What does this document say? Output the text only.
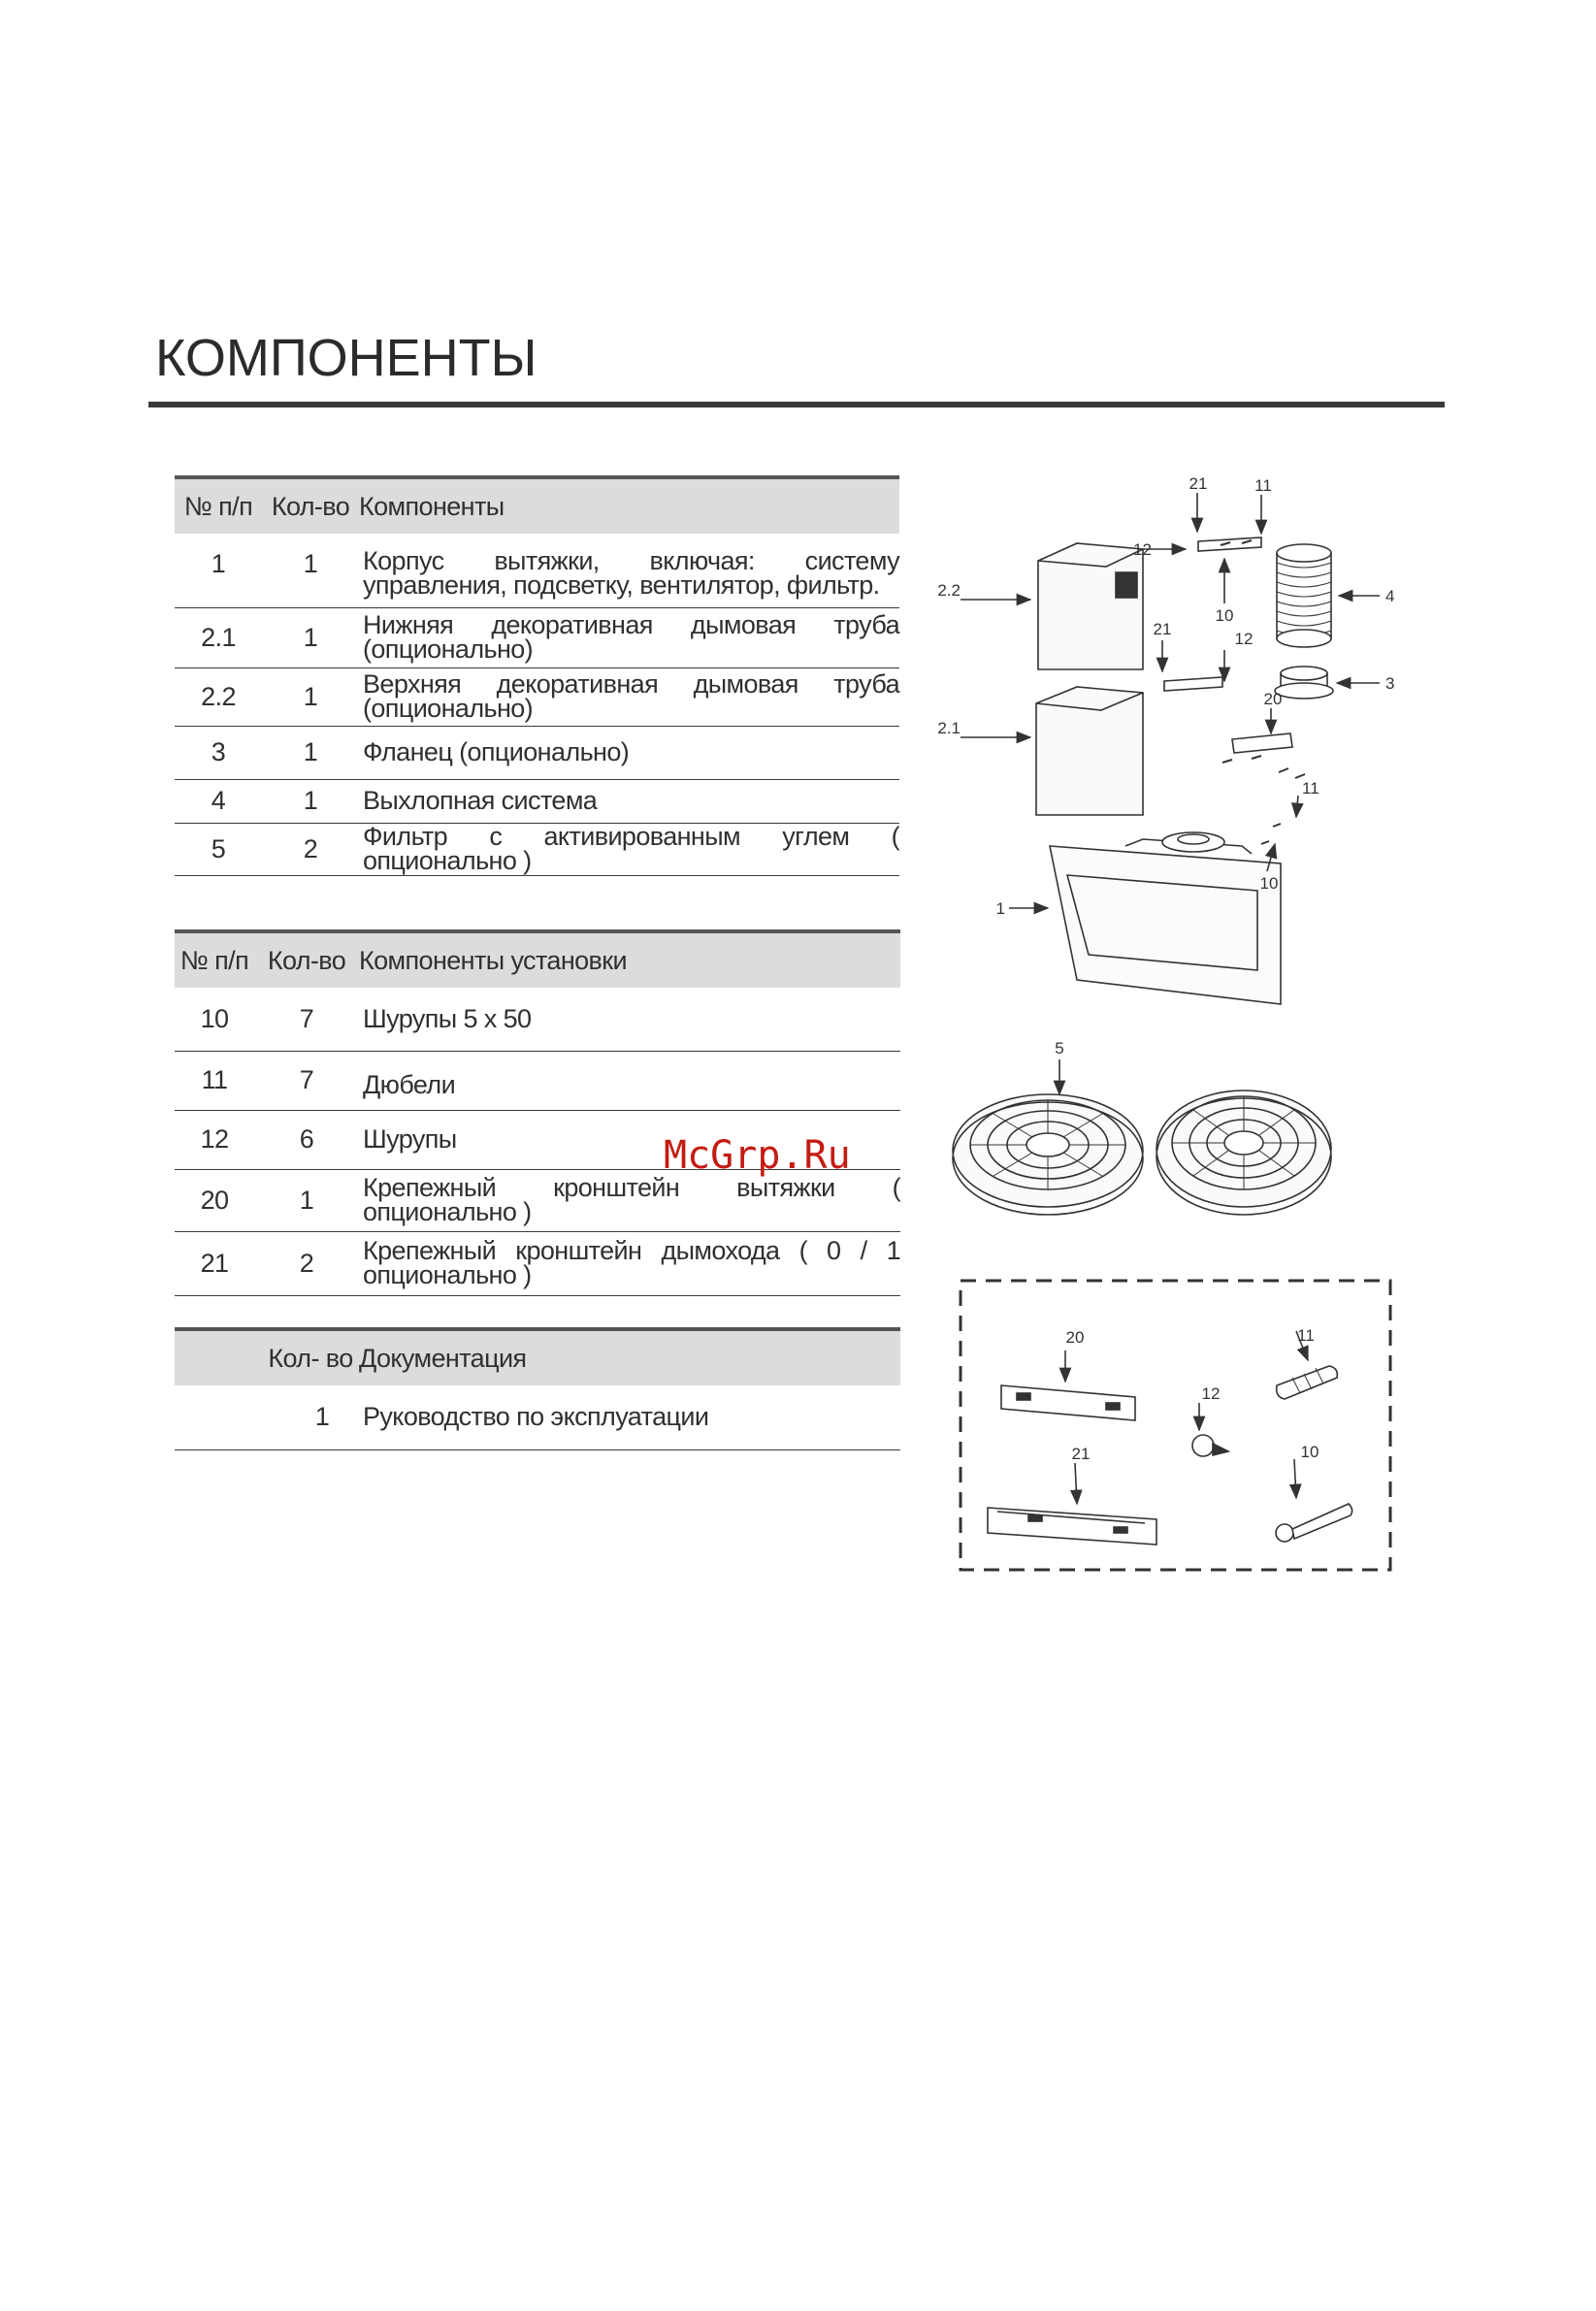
КОМПОНЕНТЫ
№ п/п	Кол-во	Компоненты
1	1	Корпус вытяжки, включая: систему управления, подсветку, вентилятор, фильтр.
2.1	1	Нижняя декоративная дымовая труба (опционально)
2.2	1	Верхняя декоративная дымовая труба (опционально)
3	1	Фланец (опционально)
4	1	Выхлопная система
5	2	Фильтр с активированным углем ( опционально )
№ п/п	Кол-во	Компоненты установки
10	7	Шурупы 5 x 50
11	7	Дюбели
12	6	Шурупы
20	1	Крепежный кронштейн вытяжки ( опционально )
21	2	Крепежный кронштейн дымохода ( 0 / 1 опционально )
	Кол- во	Документация
	1	Руководство по эксплуатации
McGrp.Ru
21	11
12
2.2	4
10
21
12
3
20
2.1
11
10
1
5
20	11
12
21	10
